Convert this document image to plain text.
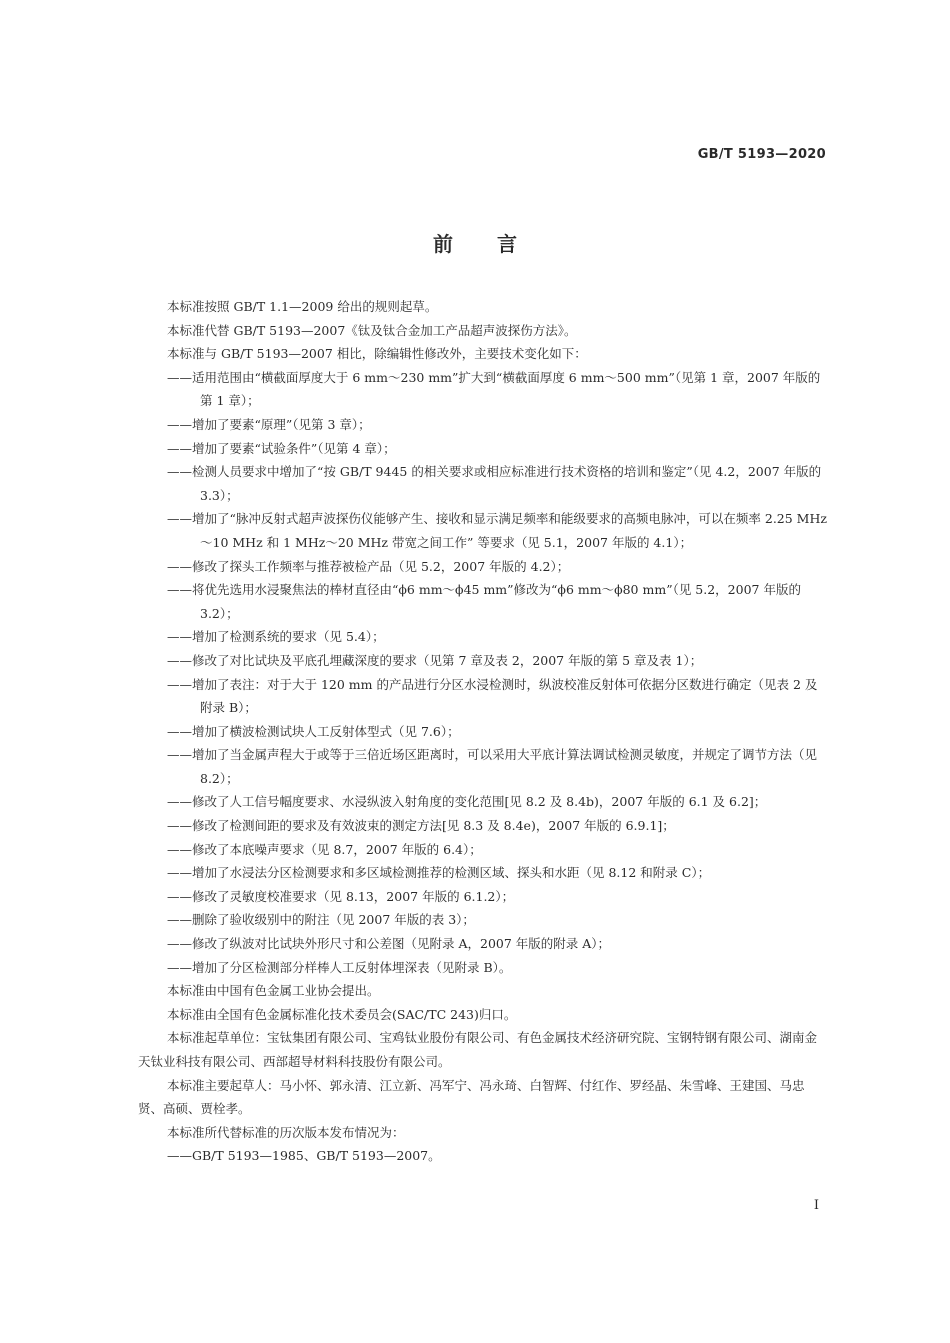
GB/T 5193—2020
前言

本标准按照 GB/T 1.1—2009 给出的规则起草。

本标准代替 GB/T 5193—2007《钛及钛合金加工产品超声波探伤方法》。

本标准与 GB/T 5193—2007 相比，除编辑性修改外，主要技术变化如下：

——适用范围由“横截面厚度大于 6 mm～230 mm”扩大到“横截面厚度 6 mm～500 mm”（见第 1 章，2007 年版的第 1 章）；

——增加了要素“原理”（见第 3 章）；

——增加了要素“试验条件”（见第 4 章）；

——检测人员要求中增加了“按 GB/T 9445 的相关要求或相应标准进行技术资格的培训和鉴定”（见 4.2，2007 年版的 3.3）；

——增加了“脉冲反射式超声波探伤仪能够产生、接收和显示满足频率和能级要求的高频电脉冲，可以在频率 2.25 MHz～10 MHz 和 1 MHz～20 MHz 带宽之间工作” 等要求（见 5.1，2007 年版的 4.1）；

——修改了探头工作频率与推荐被检产品（见 5.2，2007 年版的 4.2）；

——将优先选用水浸聚焦法的棒材直径由“ϕ6 mm～ϕ45 mm”修改为“ϕ6 mm～ϕ80 mm”（见 5.2，2007 年版的 3.2）；

——增加了检测系统的要求（见 5.4）；

——修改了对比试块及平底孔埋藏深度的要求（见第 7 章及表 2，2007 年版的第 5 章及表 1）；

——增加了表注：对于大于 120 mm 的产品进行分区水浸检测时，纵波校准反射体可依据分区数进行确定（见表 2 及附录 B）；

——增加了横波检测试块人工反射体型式（见 7.6）；

——增加了当金属声程大于或等于三倍近场区距离时，可以采用大平底计算法调试检测灵敏度，并规定了调节方法（见 8.2）；

——修改了人工信号幅度要求、水浸纵波入射角度的变化范围[见 8.2 及 8.4b)，2007 年版的 6.1 及 6.2]；

——修改了检测间距的要求及有效波束的测定方法[见 8.3 及 8.4e)，2007 年版的 6.9.1]；

——修改了本底噪声要求（见 8.7，2007 年版的 6.4）；

——增加了水浸法分区检测要求和多区域检测推荐的检测区域、探头和水距（见 8.12 和附录 C）；

——修改了灵敏度校准要求（见 8.13，2007 年版的 6.1.2）；

——删除了验收级别中的附注（见 2007 年版的表 3）；

——修改了纵波对比试块外形尺寸和公差图（见附录 A，2007 年版的附录 A）；

——增加了分区检测部分样棒人工反射体埋深表（见附录 B）。

本标准由中国有色金属工业协会提出。

本标准由全国有色金属标准化技术委员会(SAC/TC 243)归口。

本标准起草单位：宝钛集团有限公司、宝鸡钛业股份有限公司、有色金属技术经济研究院、宝钢特钢有限公司、湖南金天钛业科技有限公司、西部超导材料科技股份有限公司。

本标准主要起草人：马小怀、郭永清、江立新、冯军宁、冯永琦、白智辉、付红作、罗经晶、朱雪峰、王建国、马忠贤、高硕、贾栓孝。

本标准所代替标准的历次版本发布情况为：

——GB/T 5193—1985、GB/T 5193—2007。

I
